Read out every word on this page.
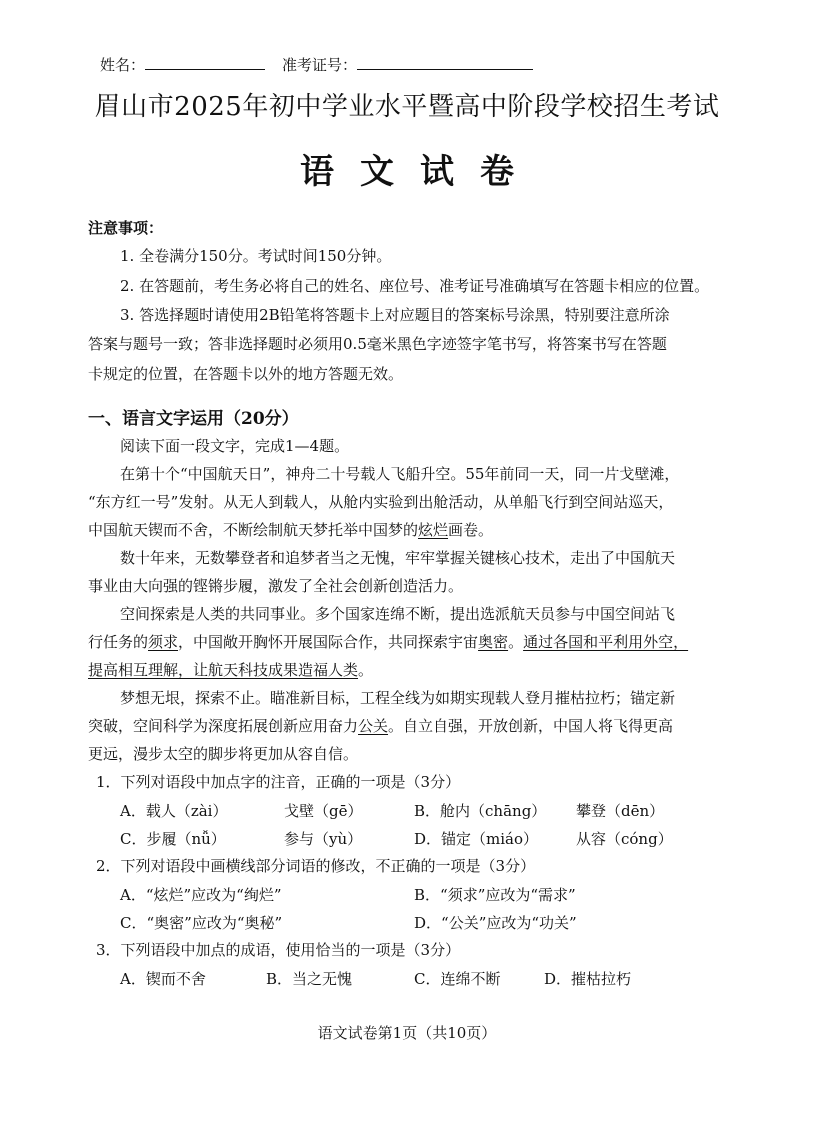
姓名：	准考证号：
眉山市2025年初中学业水平暨高中阶段学校招生考试
语文试卷
注意事项：
1. 全卷满分150分。考试时间150分钟。
2. 在答题前，考生务必将自己的姓名、座位号、准考证号准确填写在答题卡相应的位置。
3. 答选择题时请使用2B铅笔将答题卡上对应题目的答案标号涂黑，特别要注意所涂
答案与题号一致；答非选择题时必须用0.5毫米黑色字迹签字笔书写，将答案书写在答题
卡规定的位置，在答题卡以外的地方答题无效。
一、语言文字运用（20分）
阅读下面一段文字，完成1—4题。
在第十个“中国航天日”，神舟二十号载人飞船升空。55年前同一天，同一片戈壁滩，
“东方红一号”发射。从无人到载人，从舱内实验到出舱活动，从单船飞行到空间站巡天，
中国航天锲而不舍，不断绘制航天梦托举中国梦的炫烂画卷。
数十年来，无数攀登者和追梦者当之无愧，牢牢掌握关键核心技术，走出了中国航天
事业由大向强的铿锵步履，激发了全社会创新创造活力。
空间探索是人类的共同事业。多个国家连绵不断，提出选派航天员参与中国空间站飞
行任务的须求，中国敞开胸怀开展国际合作，共同探索宇宙奥密。通过各国和平利用外空，
提高相互理解，让航天科技成果造福人类。
梦想无垠，探索不止。瞄准新目标，工程全线为如期实现载人登月摧枯拉朽；锚定新
突破，空间科学为深度拓展创新应用奋力公关。自立自强，开放创新，中国人将飞得更高
更远，漫步太空的脚步将更加从容自信。
1．下列对语段中加点字的注音，正确的一项是（3分）
A．载人（zài）	戈壁（gē）	B．舱内（chāng） 攀登（dēn）
C．步履（nǚ）	参与（yù）	D．锚定（miáo）	从容（cóng）
2．下列对语段中画横线部分词语的修改，不正确的一项是（3分）
A．“炫烂”应改为“绚烂”	B．“须求”应改为“需求”
C．“奥密”应改为“奥秘”	D．“公关”应改为“功关”
3．下列语段中加点的成语，使用恰当的一项是（3分）
A．锲而不舍	B．当之无愧	C．连绵不断	D．摧枯拉朽
语文试卷第1页（共10页）
